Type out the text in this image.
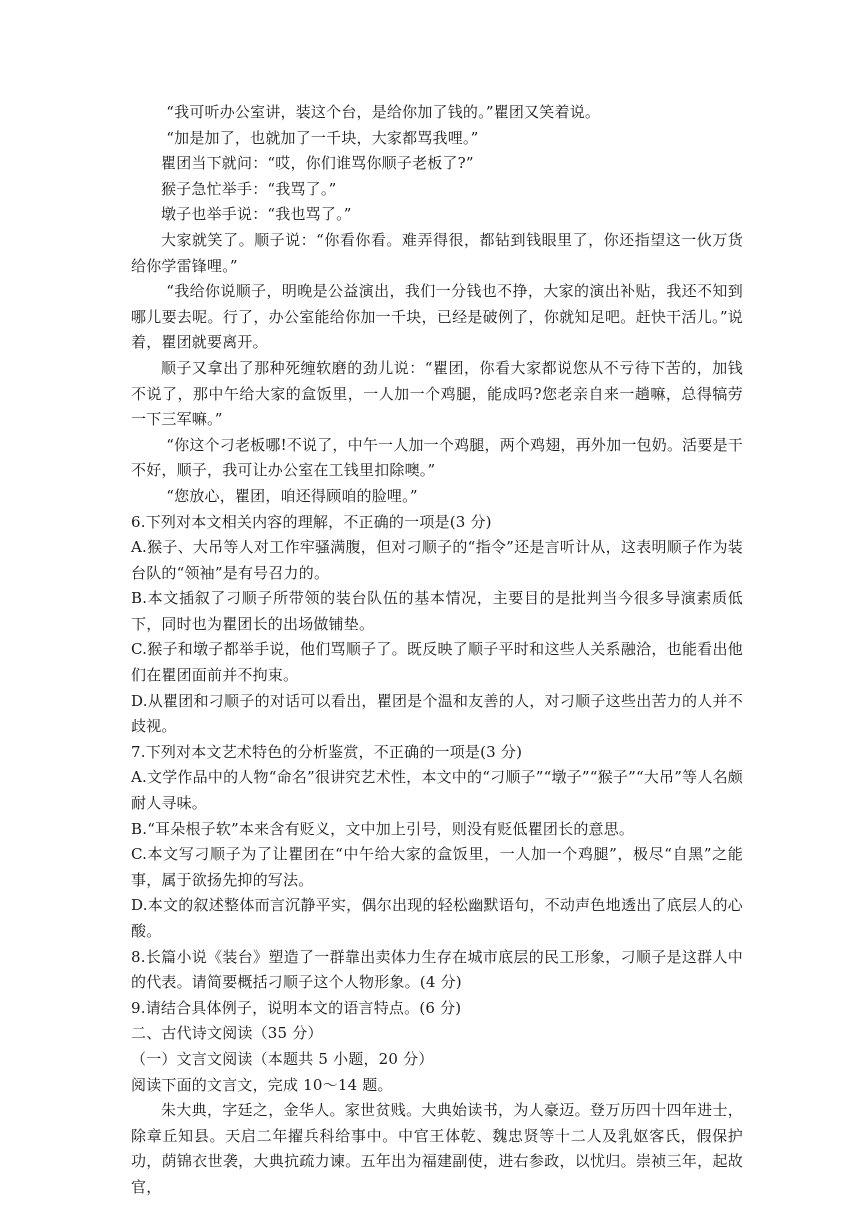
“我可听办公室讲，装这个台，是给你加了钱的。”瞿团又笑着说。

“加是加了，也就加了一千块，大家都骂我哩。”

瞿团当下就问：“哎，你们谁骂你顺子老板了?”

猴子急忙举手：“我骂了。”

墩子也举手说：“我也骂了。”

大家就笑了。顺子说：“你看你看。难弄得很，都钻到钱眼里了，你还指望这一伙万货给你学雷锋哩。”

“我给你说顺子，明晚是公益演出，我们一分钱也不挣，大家的演出补贴，我还不知到哪儿要去呢。行了，办公室能给你加一千块，已经是破例了，你就知足吧。赶快干活儿。”说着，瞿团就要离开。

顺子又拿出了那种死缠软磨的劲儿说：“瞿团，你看大家都说您从不亏待下苦的，加钱不说了，那中午给大家的盒饭里，一人加一个鸡腿，能成吗?您老亲自来一趟嘛，总得犒劳一下三军嘛。”

“你这个刁老板哪!不说了，中午一人加一个鸡腿，两个鸡翅，再外加一包奶。活要是干不好，顺子，我可让办公室在工钱里扣除噢。”

“您放心，瞿团，咱还得顾咱的脸哩。”

6.下列对本文相关内容的理解，不正确的一项是(3 分)

A.猴子、大吊等人对工作牢骚满腹，但对刁顺子的“指令”还是言听计从，这表明顺子作为装台队的“领袖”是有号召力的。

B.本文插叙了刁顺子所带领的装台队伍的基本情况，主要目的是批判当今很多导演素质低下，同时也为瞿团长的出场做铺垫。

C.猴子和墩子都举手说，他们骂顺子了。既反映了顺子平时和这些人关系融洽，也能看出他们在瞿团面前并不拘束。

D.从瞿团和刁顺子的对话可以看出，瞿团是个温和友善的人，对刁顺子这些出苦力的人并不歧视。

7.下列对本文艺术特色的分析鉴赏，不正确的一项是(3 分)

A.文学作品中的人物“命名”很讲究艺术性，本文中的“刁顺子”“墩子”“猴子”“大吊”等人名颇耐人寻味。

B.“耳朵根子软”本来含有贬义，文中加上引号，则没有贬低瞿团长的意思。

C.本文写刁顺子为了让瞿团在“中午给大家的盒饭里，一人加一个鸡腿”，极尽“自黑”之能事，属于欲扬先抑的写法。

D.本文的叙述整体而言沉静平实，偶尔出现的轻松幽默语句，不动声色地透出了底层人的心酸。

8.长篇小说《装台》塑造了一群靠出卖体力生存在城市底层的民工形象，刁顺子是这群人中的代表。请简要概括刁顺子这个人物形象。(4 分)

9.请结合具体例子，说明本文的语言特点。(6 分)

二、古代诗文阅读（35 分）

（一）文言文阅读（本题共 5 小题，20 分）

阅读下面的文言文，完成 10～14 题。

朱大典，字廷之，金华人。家世贫贱。大典始读书，为人豪迈。登万历四十四年进士，除章丘知县。天启二年擢兵科给事中。中官王体乾、魏忠贤等十二人及乳妪客氏，假保护功，荫锦衣世袭，大典抗疏力谏。五年出为福建副使，进右参政，以忧归。崇祯三年，起故官，
